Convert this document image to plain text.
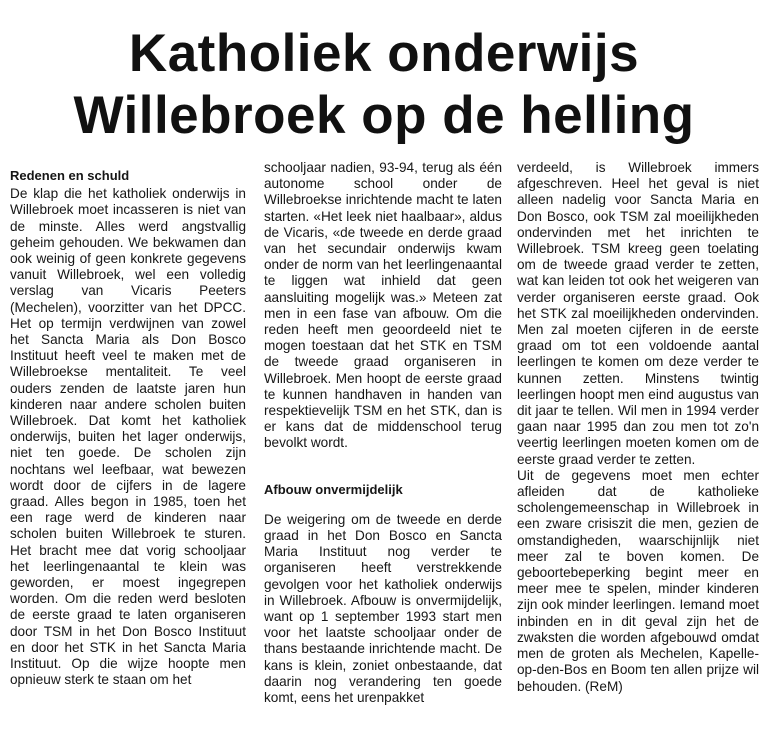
Katholiek onderwijs
Willebroek op de helling
Redenen en schuld

De klap die het katholiek onderwijs in Willebroek moet incasseren is niet van de minste. Alles werd angstvallig geheim gehouden. We bekwamen dan ook weinig of geen konkrete gegevens vanuit Willebroek, wel een volledig verslag van Vicaris Peeters (Mechelen), voorzitter van het DPCC. Het op termijn verdwijnen van zowel het Sancta Maria als Don Bosco Instituut heeft veel te maken met de Willebroekse mentaliteit. Te veel ouders zenden de laatste jaren hun kinderen naar andere scholen buiten Willebroek. Dat komt het katholiek onderwijs, buiten het lager onderwijs, niet ten goede. De scholen zijn nochtans wel leefbaar, wat bewezen wordt door de cijfers in de lagere graad. Alles begon in 1985, toen het een rage werd de kinderen naar scholen buiten Willebroek te sturen. Het bracht mee dat vorig schooljaar het leerlingenaantal te klein was geworden, er moest ingegrepen worden. Om die reden werd besloten de eerste graad te laten organiseren door TSM in het Don Bosco Instituut en door het STK in het Sancta Maria Instituut. Op die wijze hoopte men opnieuw sterk te staan om het

schooljaar nadien, 93-94, terug als één autonome school onder de Willebroekse inrichtende macht te laten starten. «Het leek niet haalbaar», aldus de Vicaris, «de tweede en derde graad van het secundair onderwijs kwam onder de norm van het leerlingenaantal te liggen wat inhield dat geen aansluiting mogelijk was.» Meteen zat men in een fase van afbouw. Om die reden heeft men geoordeeld niet te mogen toestaan dat het STK en TSM de tweede graad organiseren in Willebroek. Men hoopt de eerste graad te kunnen handhaven in handen van respektievelijk TSM en het STK, dan is er kans dat de middenschool terug bevolkt wordt.

Afbouw onvermijdelijk

De weigering om de tweede en derde graad in het Don Bosco en Sancta Maria Instituut nog verder te organiseren heeft verstrekkende gevolgen voor het katholiek onderwijs in Willebroek. Afbouw is onvermijdelijk, want op 1 september 1993 start men voor het laatste schooljaar onder de thans bestaande inrichtende macht. De kans is klein, zoniet onbestaande, dat daarin nog verandering ten goede komt, eens het urenpakket

verdeeld, is Willebroek immers afgeschreven. Heel het geval is niet alleen nadelig voor Sancta Maria en Don Bosco, ook TSM zal moeilijkheden ondervinden met het inrichten te Willebroek. TSM kreeg geen toelating om de tweede graad verder te zetten, wat kan leiden tot ook het weigeren van verder organiseren eerste graad. Ook het STK zal moeilijkheden ondervinden. Men zal moeten cijferen in de eerste graad om tot een voldoende aantal leerlingen te komen om deze verder te kunnen zetten. Minstens twintig leerlingen hoopt men eind augustus van dit jaar te tellen. Wil men in 1994 verder gaan naar 1995 dan zou men tot zo'n veertig leerlingen moeten komen om de eerste graad verder te zetten.

Uit de gegevens moet men echter afleiden dat de katholieke scholengemeenschap in Willebroek in een zware crisiszit die men, gezien de omstandigheden, waarschijnlijk niet meer zal te boven komen. De geboortebeperking begint meer en meer mee te spelen, minder kinderen zijn ook minder leerlingen. Iemand moet inbinden en in dit geval zijn het de zwaksten die worden afgebouwd omdat men de groten als Mechelen, Kapelle-op-den-Bos en Boom ten allen prijze wil behouden. (ReM)
